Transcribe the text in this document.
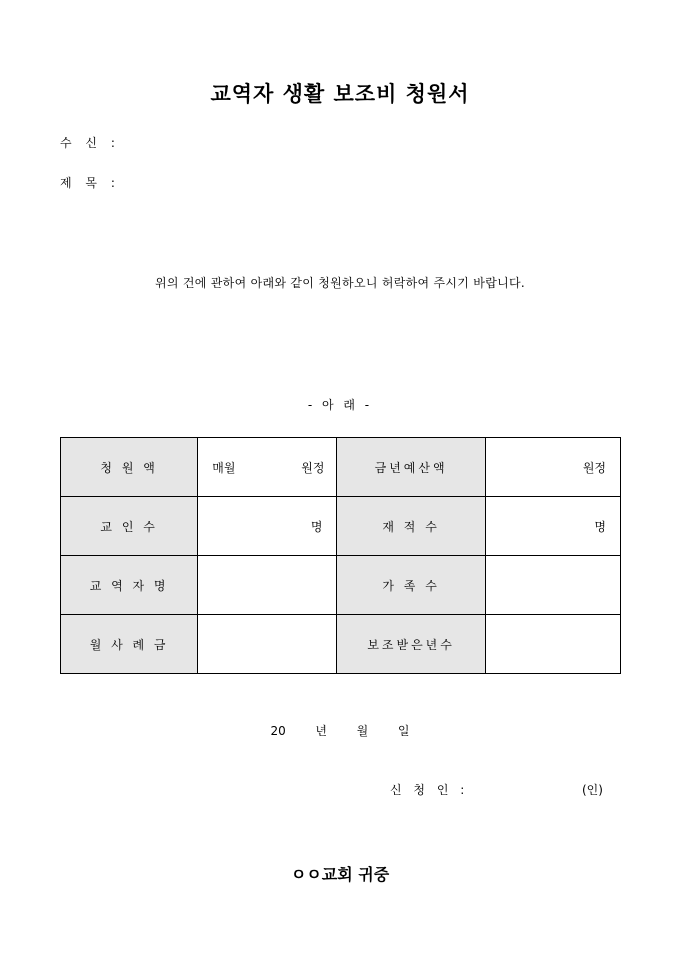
교역자 생활 보조비 청원서
수 신 :
제 목 :
위의 건에 관하여 아래와 같이 청원하오니 허락하여 주시기 바랍니다.
- 아 래 -
청 원 액	매월 원정	금년예산액	원정

교 인 수	명	재 적 수	명

교 역 자 명		가 족 수	
월 사 례 금		보조받은년수	
20 년 월 일
신 청 인 :	(인)
ㅇㅇ교회 귀중
